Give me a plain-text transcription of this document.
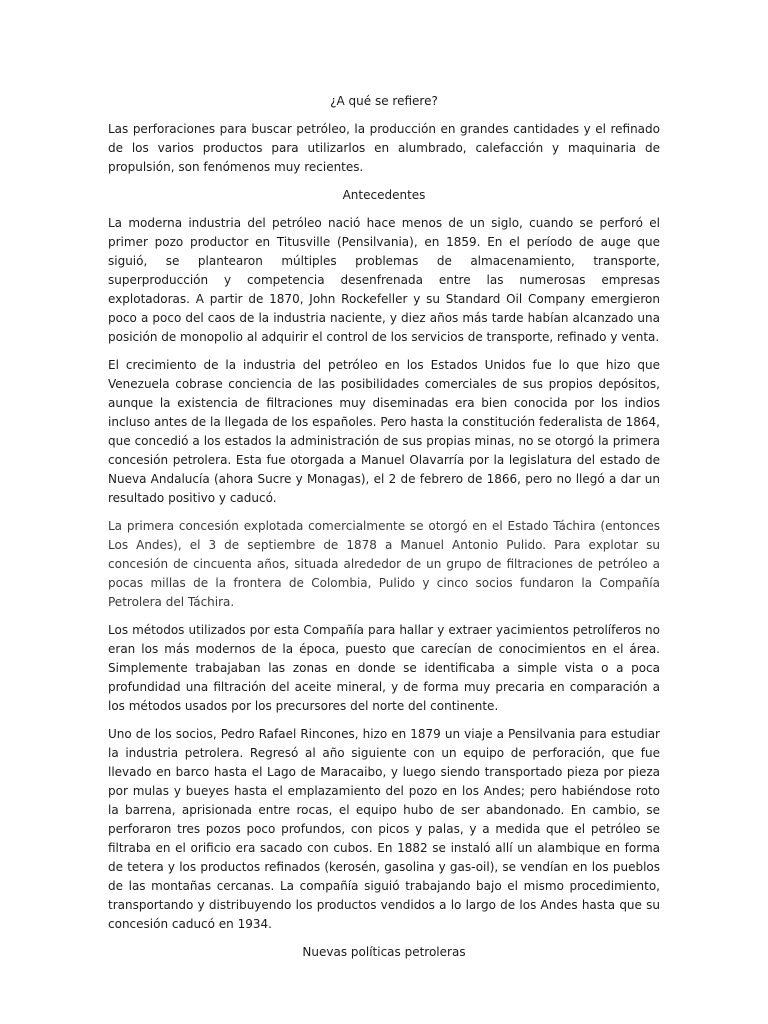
¿A qué se refiere?

Las perforaciones para buscar petróleo, la producción en grandes cantidades y el refinado de los varios productos para utilizarlos en alumbrado, calefacción y maquinaria de propulsión, son fenómenos muy recientes.

Antecedentes

La moderna industria del petróleo nació hace menos de un siglo, cuando se perforó el primer pozo productor en Titusville (Pensilvania), en 1859. En el período de auge que siguió, se plantearon múltiples problemas de almacenamiento, transporte, superproducción y competencia desenfrenada entre las numerosas empresas explotadoras. A partir de 1870, John Rockefeller y su Standard Oil Company emergieron poco a poco del caos de la industria naciente, y diez años más tarde habían alcanzado una posición de monopolio al adquirir el control de los servicios de transporte, refinado y venta.

El crecimiento de la industria del petróleo en los Estados Unidos fue lo que hizo que Venezuela cobrase conciencia de las posibilidades comerciales de sus propios depósitos, aunque la existencia de filtraciones muy diseminadas era bien conocida por los indios incluso antes de la llegada de los españoles. Pero hasta la constitución federalista de 1864, que concedió a los estados la administración de sus propias minas, no se otorgó la primera concesión petrolera. Esta fue otorgada a Manuel Olavarría por la legislatura del estado de Nueva Andalucía (ahora Sucre y Monagas), el 2 de febrero de 1866, pero no llegó a dar un resultado positivo y caducó.

La primera concesión explotada comercialmente se otorgó en el Estado Táchira (entonces Los Andes), el 3 de septiembre de 1878 a Manuel Antonio Pulido. Para explotar su concesión de cincuenta años, situada alrededor de un grupo de filtraciones de petróleo a pocas millas de la frontera de Colombia, Pulido y cinco socios fundaron la Compañía Petrolera del Táchira.

Los métodos utilizados por esta Compañía para hallar y extraer yacimientos petrolíferos no eran los más modernos de la época, puesto que carecían de conocimientos en el área. Simplemente trabajaban las zonas en donde se identificaba a simple vista o a poca profundidad una filtración del aceite mineral, y de forma muy precaria en comparación a los métodos usados por los precursores del norte del continente.

Uno de los socios, Pedro Rafael Rincones, hizo en 1879 un viaje a Pensilvania para estudiar la industria petrolera. Regresó al año siguiente con un equipo de perforación, que fue llevado en barco hasta el Lago de Maracaibo, y luego siendo transportado pieza por pieza por mulas y bueyes hasta el emplazamiento del pozo en los Andes; pero habiéndose roto la barrena, aprisionada entre rocas, el equipo hubo de ser abandonado. En cambio, se perforaron tres pozos poco profundos, con picos y palas, y a medida que el petróleo se filtraba en el orificio era sacado con cubos. En 1882 se instaló allí un alambique en forma de tetera y los productos refinados (kerosén, gasolina y gas-oil), se vendían en los pueblos de las montañas cercanas. La compañía siguió trabajando bajo el mismo procedimiento, transportando y distribuyendo los productos vendidos a lo largo de los Andes hasta que su concesión caducó en 1934.

Nuevas políticas petroleras
